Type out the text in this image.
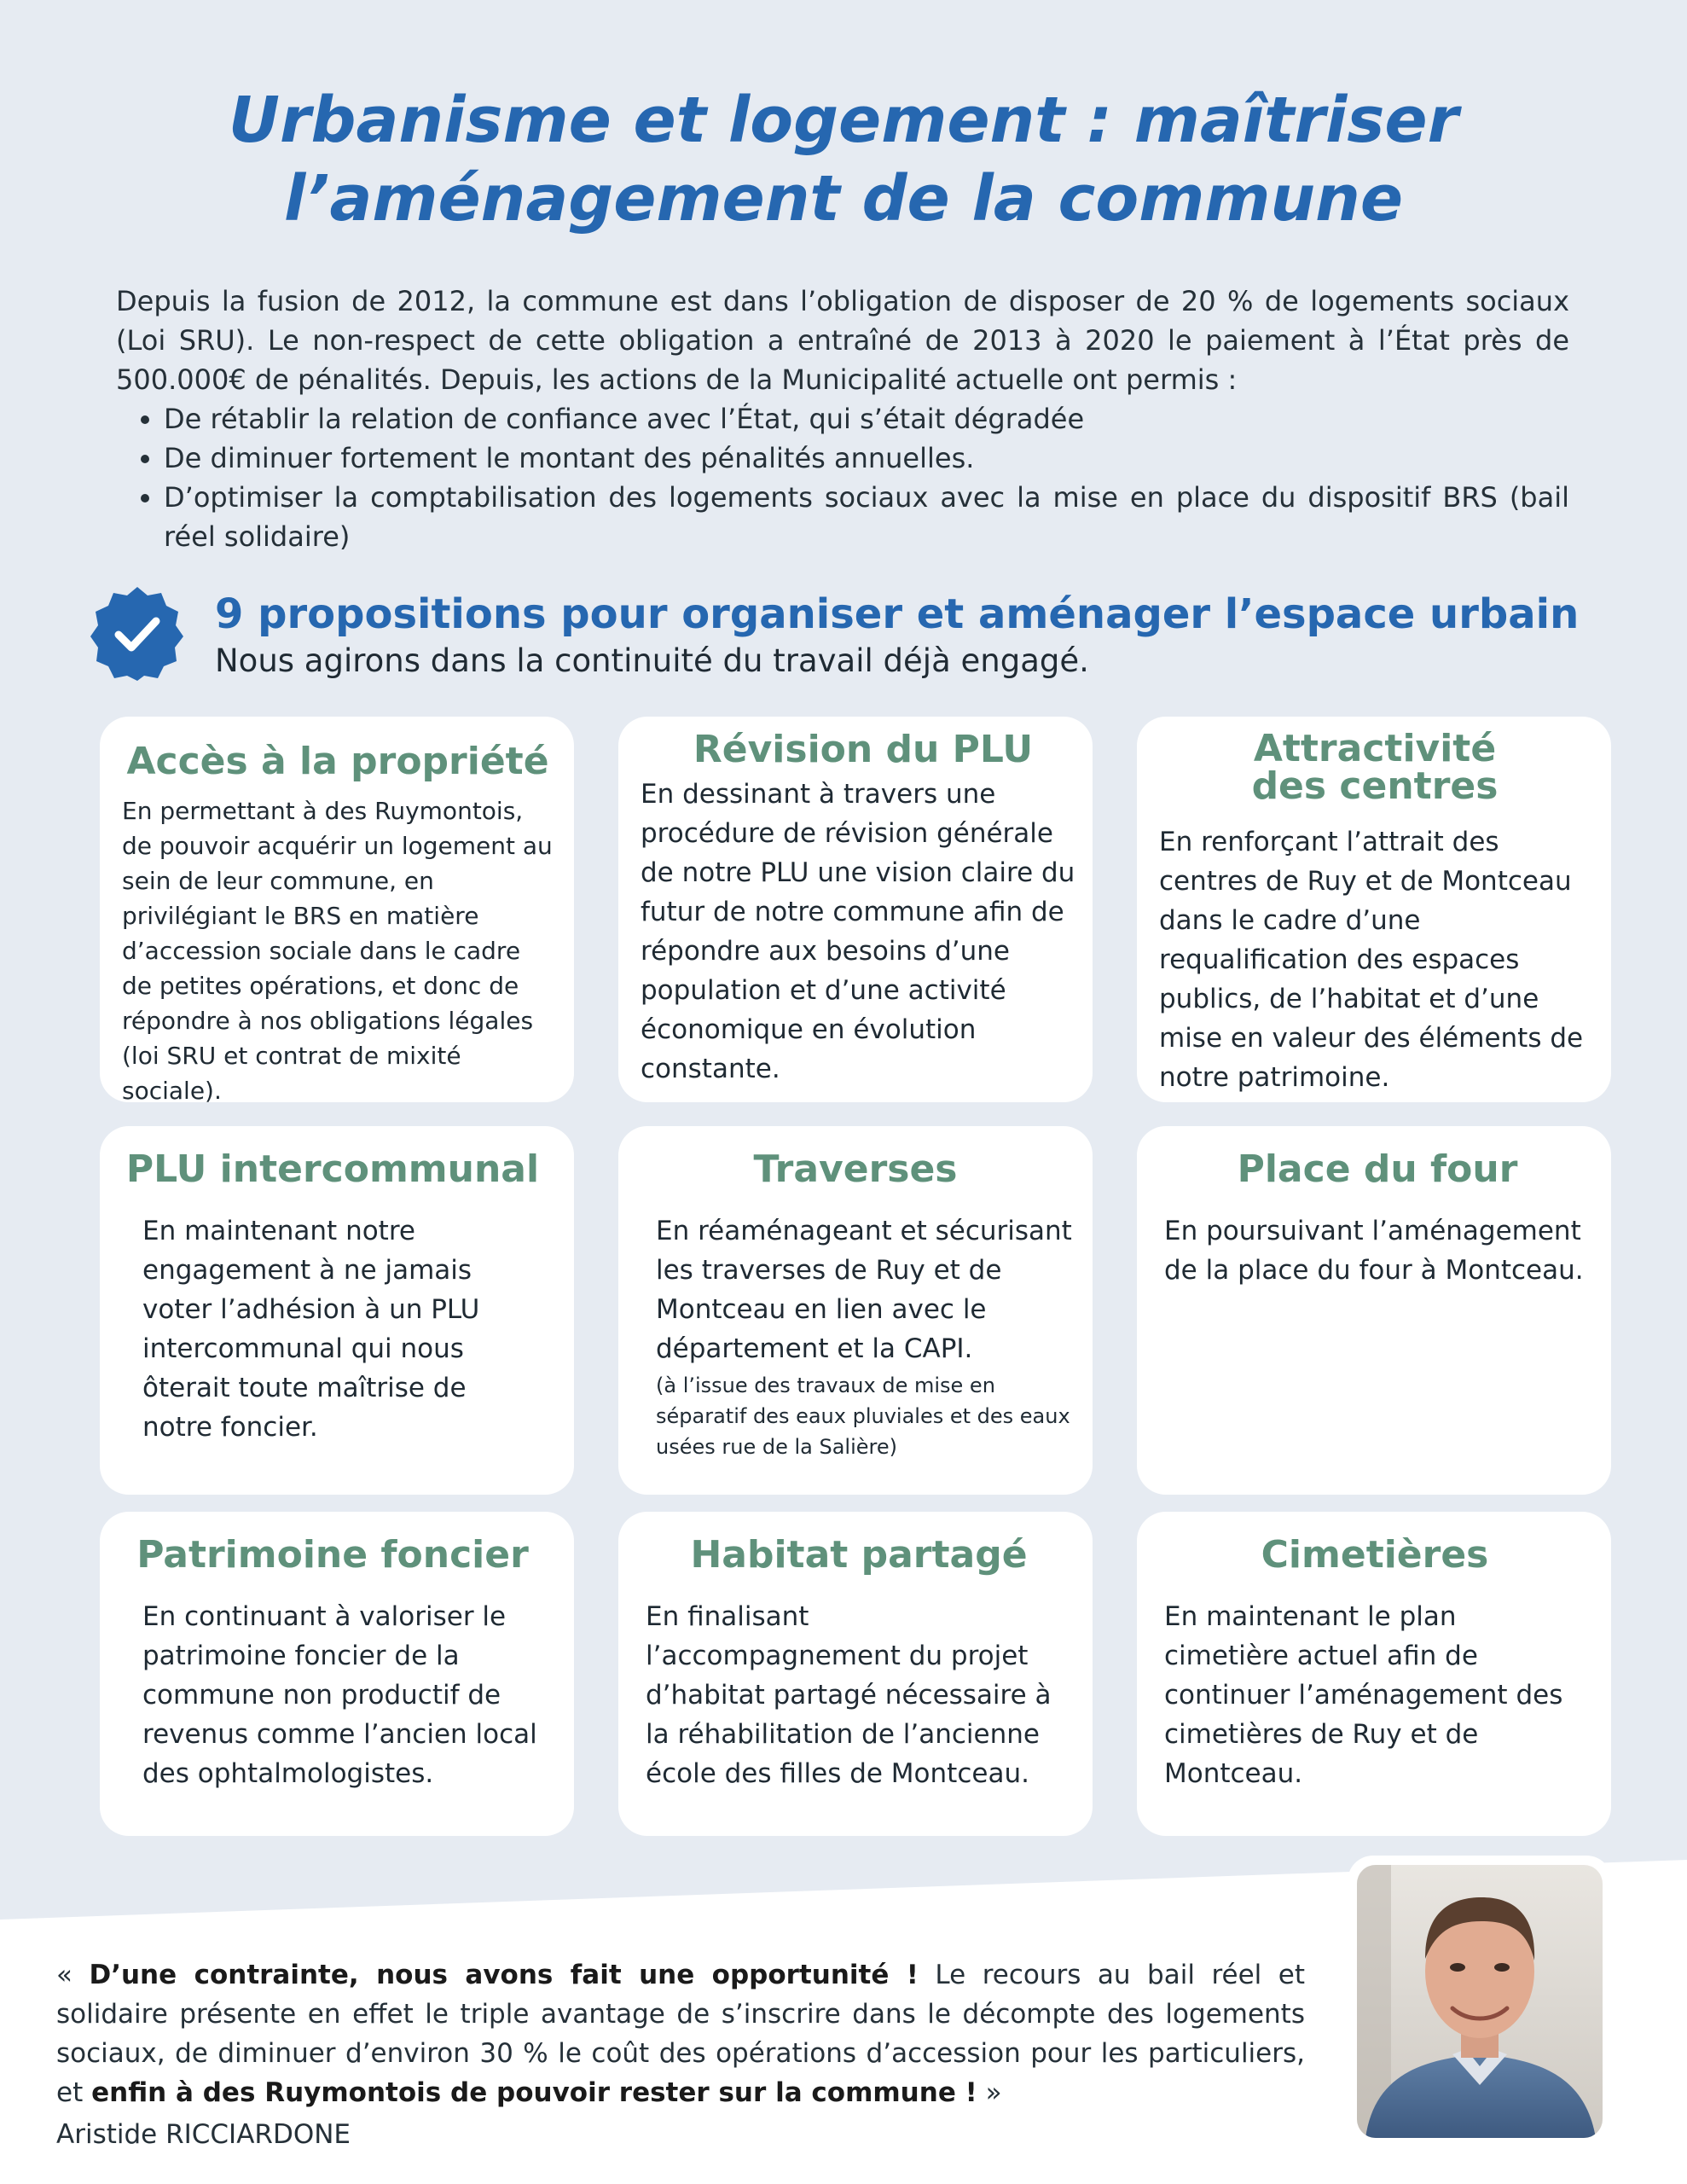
Urbanisme et logement : maîtriser
l’aménagement de la commune

Depuis la fusion de 2012, la commune est dans l’obligation de disposer de 20 % de logements sociaux (Loi SRU). Le non-respect de cette obligation a entraîné de 2013 à 2020 le paiement à l’État près de 500.000€ de pénalités. Depuis, les actions de la Municipalité actuelle ont permis :

• De rétablir la relation de confiance avec l’État, qui s’était dégradée
• De diminuer fortement le montant des pénalités annuelles.
• D’optimiser la comptabilisation des logements sociaux avec la mise en place du dispositif BRS (bail réel solidaire)
9 propositions pour organiser et aménager l’espace urbain
Nous agirons dans la continuité du travail déjà engagé.
Accès à la propriété
En permettant à des Ruymontois, de pouvoir acquérir un logement au sein de leur commune, en privilégiant le BRS en matière d’accession sociale dans le cadre de petites opérations, et donc de répondre à nos obligations légales (loi SRU et contrat de mixité sociale).
Révision du PLU
En dessinant à travers une procédure de révision générale de notre PLU une vision claire du futur de notre commune afin de répondre aux besoins d’une population et d’une activité économique en évolution constante.
Attractivité
des centres
En renforçant l’attrait des centres de Ruy et de Montceau dans le cadre d’une requalification des espaces publics, de l’habitat et d’une mise en valeur des éléments de notre patrimoine.
PLU intercommunal
En maintenant notre engagement à ne jamais voter l’adhésion à un PLU intercommunal qui nous ôterait toute maîtrise de notre foncier.
Traverses
En réaménageant et sécurisant les traverses de Ruy et de Montceau en lien avec le département et la CAPI.
(à l’issue des travaux de mise en séparatif des eaux pluviales et des eaux usées rue de la Salière)
Place du four
En poursuivant l’aménagement de la place du four à Montceau.
Patrimoine foncier
En continuant à valoriser le patrimoine foncier de la commune non productif de revenus comme l’ancien local des ophtalmologistes.
Habitat partagé
En finalisant l’accompagnement du projet d’habitat partagé nécessaire à la réhabilitation de l’ancienne école des filles de Montceau.
Cimetières
En maintenant le plan cimetière actuel afin de continuer l’aménagement des cimetières de Ruy et de Montceau.
« D’une contrainte, nous avons fait une opportunité ! Le recours au bail réel et solidaire présente en effet le triple avantage de s’inscrire dans le décompte des logements sociaux, de diminuer d’environ 30 % le coût des opérations d’accession pour les particuliers, et enfin à des Ruymontois de pouvoir rester sur la commune ! »
Aristide RICCIARDONE
